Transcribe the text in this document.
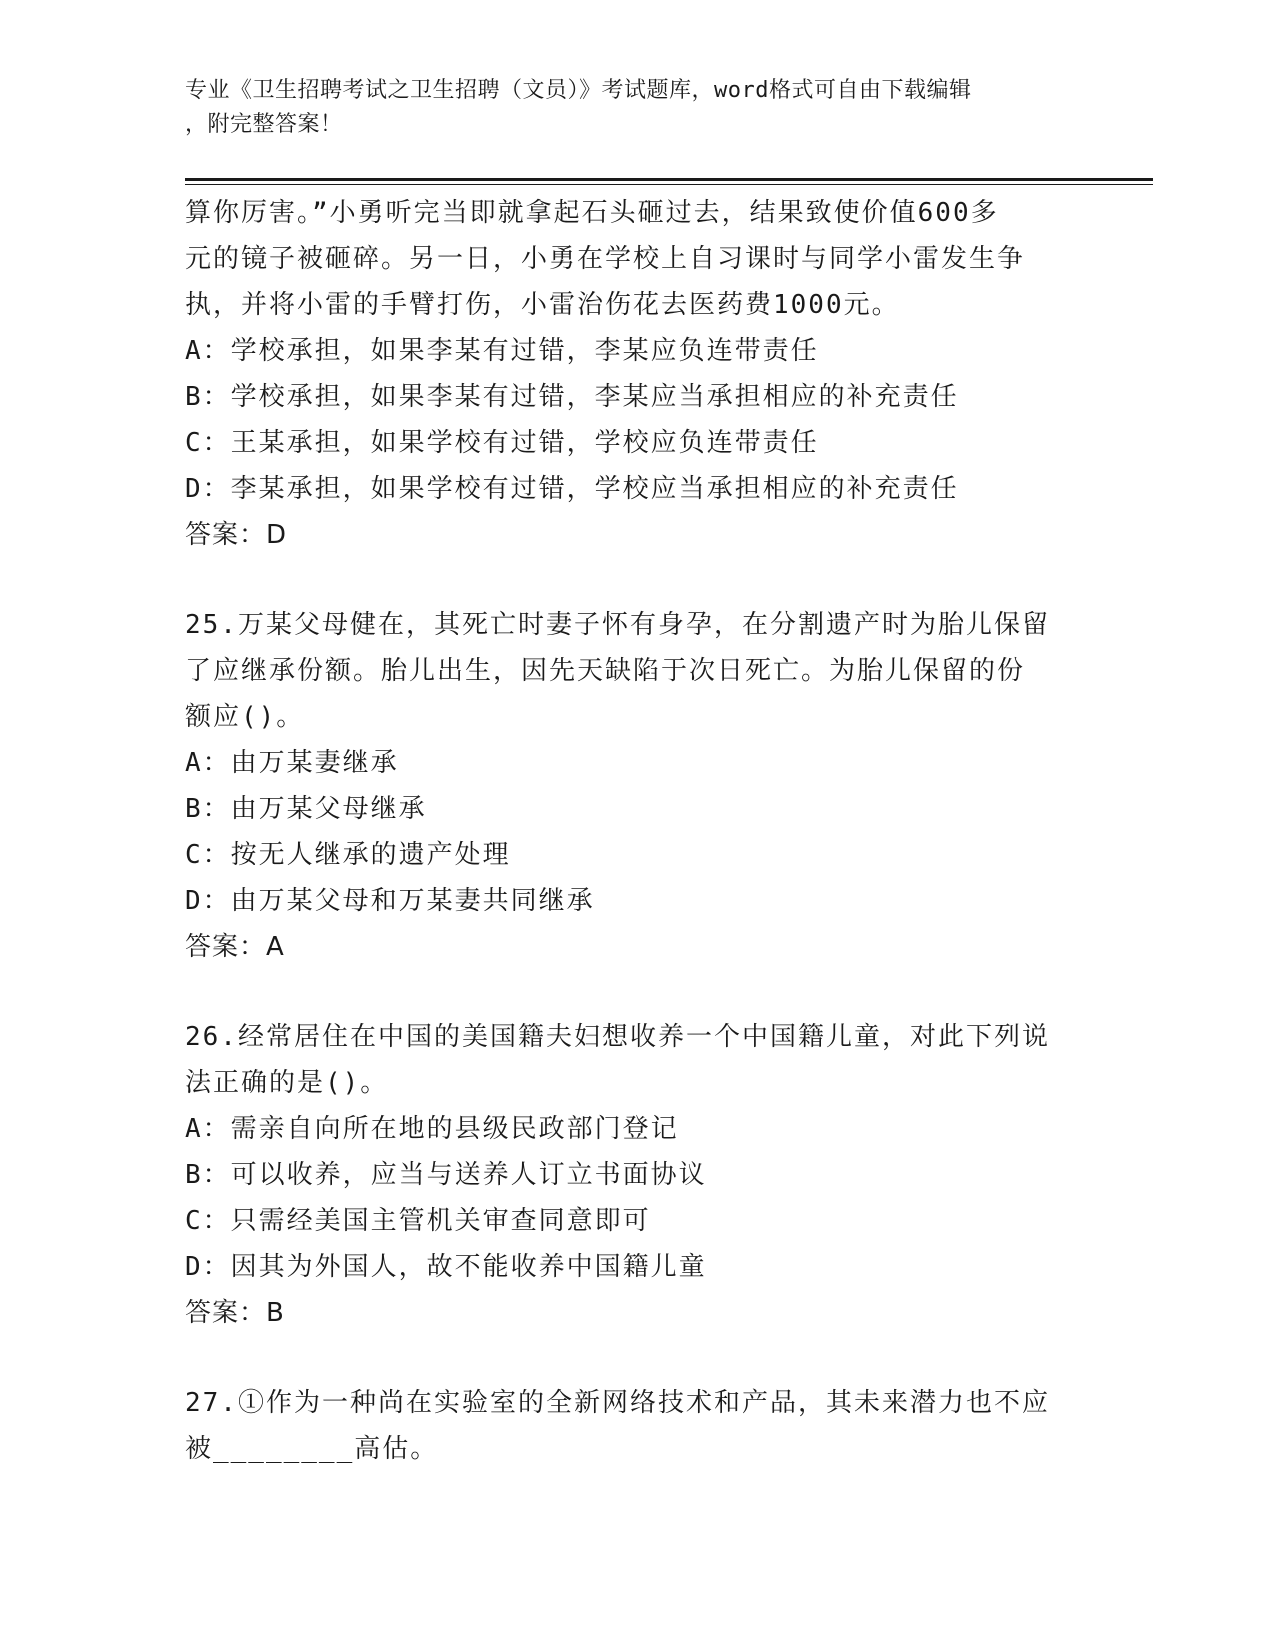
专业《卫生招聘考试之卫生招聘（文员）》考试题库，word格式可自由下载编辑
，附完整答案！

算你厉害。”小勇听完当即就拿起石头砸过去，结果致使价值600多
元的镜子被砸碎。另一日，小勇在学校上自习课时与同学小雷发生争
执，并将小雷的手臂打伤，小雷治伤花去医药费1000元。

A：学校承担，如果李某有过错，李某应负连带责任
B：学校承担，如果李某有过错，李某应当承担相应的补充责任
C：王某承担，如果学校有过错，学校应负连带责任
D：李某承担，如果学校有过错，学校应当承担相应的补充责任

答案：D

25.万某父母健在，其死亡时妻子怀有身孕，在分割遗产时为胎儿保留
了应继承份额。胎儿出生，因先天缺陷于次日死亡。为胎儿保留的份
额应()。

A：由万某妻继承
B：由万某父母继承
C：按无人继承的遗产处理
D：由万某父母和万某妻共同继承

答案：A

26.经常居住在中国的美国籍夫妇想收养一个中国籍儿童，对此下列说
法正确的是()。

A：需亲自向所在地的县级民政部门登记
B：可以收养，应当与送养人订立书面协议
C：只需经美国主管机关审查同意即可
D：因其为外国人，故不能收养中国籍儿童

答案：B

27.①作为一种尚在实验室的全新网络技术和产品，其未来潜力也不应
被________高估。
